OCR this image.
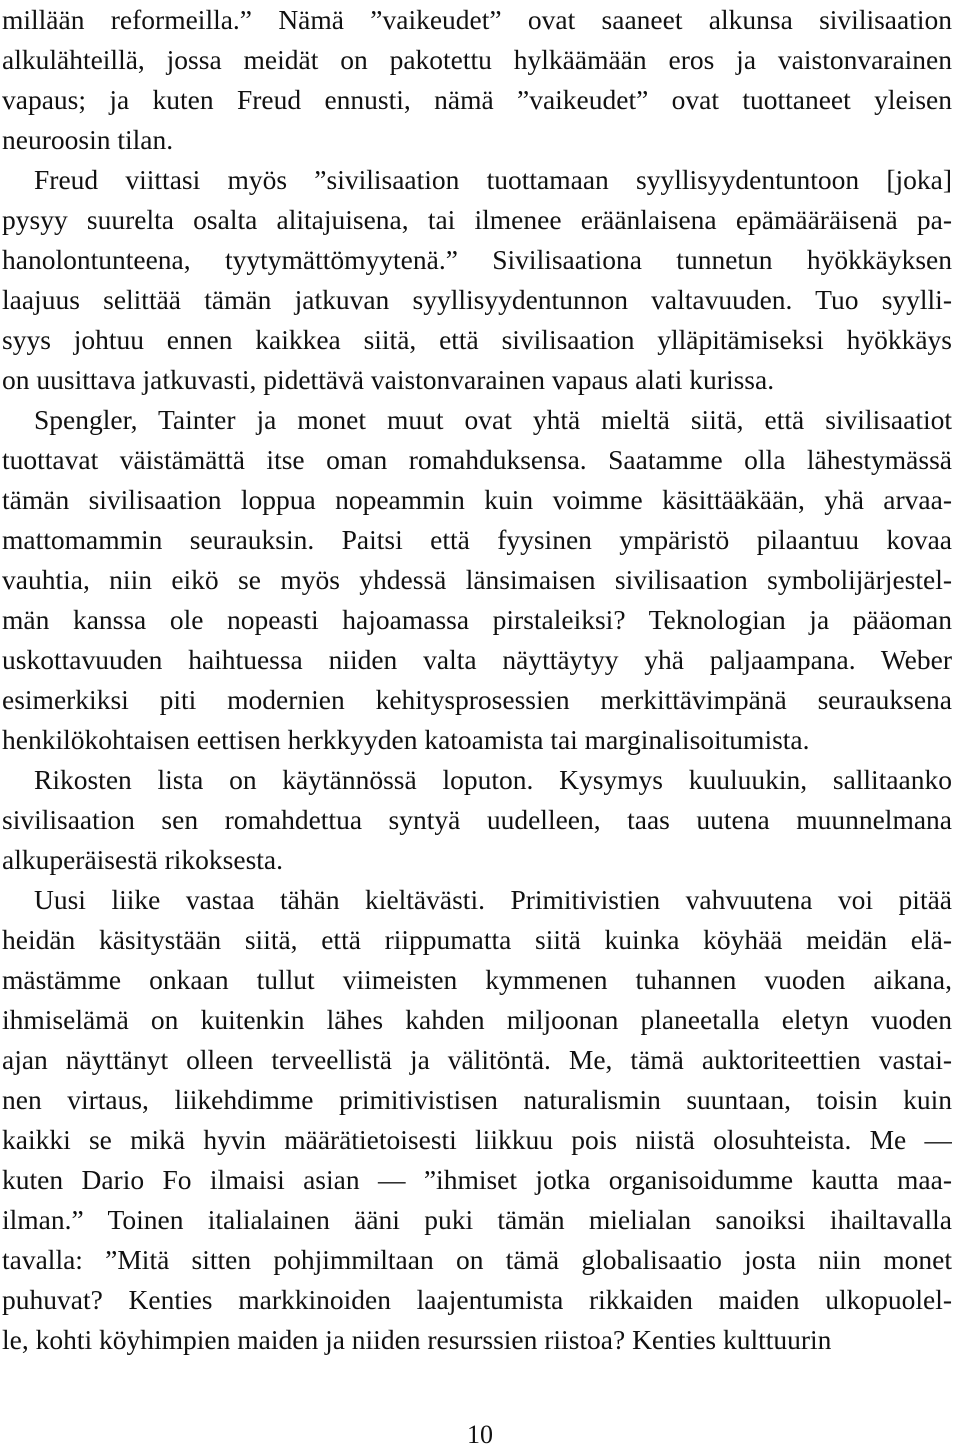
millään reformeilla.” Nämä ”vaikeudet” ovat saaneet alkunsa sivilisaation
alkulähteillä, jossa meidät on pakotettu hylkäämään eros ja vaistonvarainen
vapaus; ja kuten Freud ennusti, nämä ”vaikeudet” ovat tuottaneet yleisen
neuroosin tilan.
Freud viittasi myös ”sivilisaation tuottamaan syyllisyydentuntoon [joka]
pysyy suurelta osalta alitajuisena, tai ilmenee eräänlaisena epämääräisenä pa-
hanolontunteena, tyytymättömyytenä.” Sivilisaationa tunnetun hyökkäyksen
laajuus selittää tämän jatkuvan syyllisyydentunnon valtavuuden. Tuo syylli-
syys johtuu ennen kaikkea siitä, että sivilisaation ylläpitämiseksi hyökkäys
on uusittava jatkuvasti, pidettävä vaistonvarainen vapaus alati kurissa.
Spengler, Tainter ja monet muut ovat yhtä mieltä siitä, että sivilisaatiot
tuottavat väistämättä itse oman romahduksensa. Saatamme olla lähestymässä
tämän sivilisaation loppua nopeammin kuin voimme käsittääkään, yhä arvaa-
mattomammin seurauksin. Paitsi että fyysinen ympäristö pilaantuu kovaa
vauhtia, niin eikö se myös yhdessä länsimaisen sivilisaation symbolijärjestel-
män kanssa ole nopeasti hajoamassa pirstaleiksi? Teknologian ja pääoman
uskottavuuden haihtuessa niiden valta näyttäytyy yhä paljaampana. Weber
esimerkiksi piti modernien kehitysprosessien merkittävimpänä seurauksena
henkilökohtaisen eettisen herkkyyden katoamista tai marginalisoitumista.
Rikosten lista on käytännössä loputon. Kysymys kuuluukin, sallitaanko
sivilisaation sen romahdettua syntyä uudelleen, taas uutena muunnelmana
alkuperäisestä rikoksesta.
Uusi liike vastaa tähän kieltävästi. Primitivistien vahvuutena voi pitää
heidän käsitystään siitä, että riippumatta siitä kuinka köyhää meidän elä-
mästämme onkaan tullut viimeisten kymmenen tuhannen vuoden aikana,
ihmiselämä on kuitenkin lähes kahden miljoonan planeetalla eletyn vuoden
ajan näyttänyt olleen terveellistä ja välitöntä. Me, tämä auktoriteettien vastai-
nen virtaus, liikehdimme primitivistisen naturalismin suuntaan, toisin kuin
kaikki se mikä hyvin määrätietoisesti liikkuu pois niistä olosuhteista. Me —
kuten Dario Fo ilmaisi asian — ”ihmiset jotka organisoidumme kautta maa-
ilman.” Toinen italialainen ääni puki tämän mielialan sanoiksi ihailtavalla
tavalla: ”Mitä sitten pohjimmiltaan on tämä globalisaatio josta niin monet
puhuvat? Kenties markkinoiden laajentumista rikkaiden maiden ulkopuolel-
le, kohti köyhimpien maiden ja niiden resurssien riistoa? Kenties kulttuurin
10
